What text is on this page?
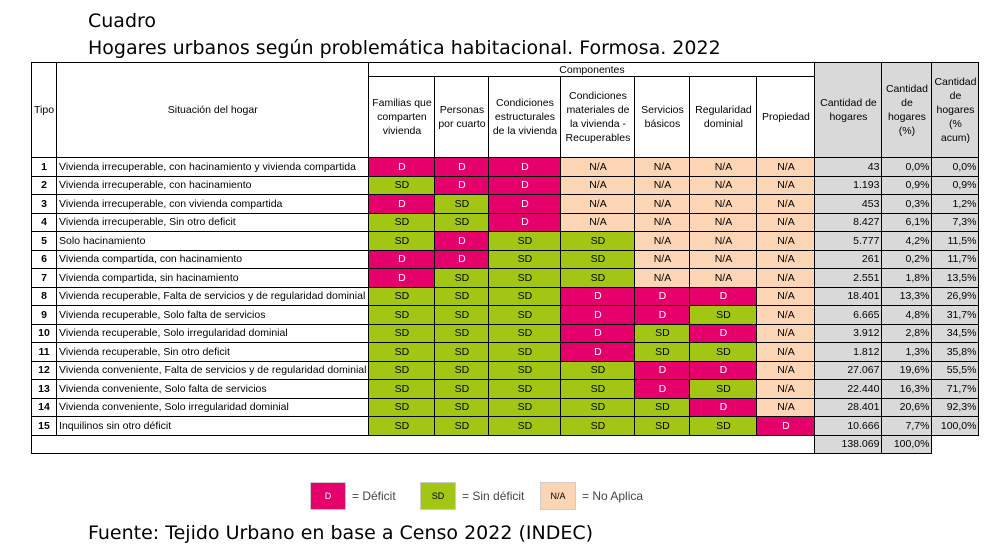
Cuadro
Hogares urbanos según problemática habitacional. Formosa. 2022
Tipo	Situación del hogar	Componentes							Cantidad de hogares	Cantidad de hogares (%)	Cantidad de hogares (% acum)
		Familias que comparten vivienda	Personas por cuarto	Condiciones estructurales de la vivienda	Condiciones materiales de la vivienda - Recuperables	Servicios básicos	Regularidad dominial	Propiedad			
1	Vivienda irrecuperable, con hacinamiento y vivienda compartida	D	D	D	N/A	N/A	N/A	N/A	43	0,0%	0,0%
2	Vivienda irrecuperable, con hacinamiento	SD	D	D	N/A	N/A	N/A	N/A	1.193	0,9%	0,9%
3	Vivienda irrecuperable, con vivienda compartida	D	SD	D	N/A	N/A	N/A	N/A	453	0,3%	1,2%
4	Vivienda irrecuperable, Sin otro deficit	SD	SD	D	N/A	N/A	N/A	N/A	8.427	6,1%	7,3%
5	Solo hacinamiento	SD	D	SD	SD	N/A	N/A	N/A	5.777	4,2%	11,5%
6	Vivienda compartida, con hacinamiento	D	D	SD	SD	N/A	N/A	N/A	261	0,2%	11,7%
7	Vivienda compartida, sin hacinamiento	D	SD	SD	SD	N/A	N/A	N/A	2.551	1,8%	13,5%
8	Vivienda recuperable, Falta de servicios y de regularidad dominial	SD	SD	SD	D	D	D	N/A	18.401	13,3%	26,9%
9	Vivienda recuperable, Solo falta de servicios	SD	SD	SD	D	D	SD	N/A	6.665	4,8%	31,7%
10	Vivienda recuperable, Solo irregularidad dominial	SD	SD	SD	D	SD	D	N/A	3.912	2,8%	34,5%
11	Vivienda recuperable, Sin otro deficit	SD	SD	SD	D	SD	SD	N/A	1.812	1,3%	35,8%
12	Vivienda conveniente, Falta de servicios y de regularidad dominial	SD	SD	SD	SD	D	D	N/A	27.067	19,6%	55,5%
13	Vivienda conveniente, Solo falta de servicios	SD	SD	SD	SD	D	SD	N/A	22.440	16,3%	71,7%
14	Vivienda conveniente, Solo irregularidad dominial	SD	SD	SD	SD	SD	D	N/A	28.401	20,6%	92,3%
15	Inquilinos sin otro déficit	SD	SD	SD	SD	SD	SD	D	10.666	7,7%	100,0%
									138.069	100,0%	
D	= Déficit	SD	= Sin déficit	N/A	= No Aplica
Fuente: Tejido Urbano en base a Censo 2022 (INDEC)
